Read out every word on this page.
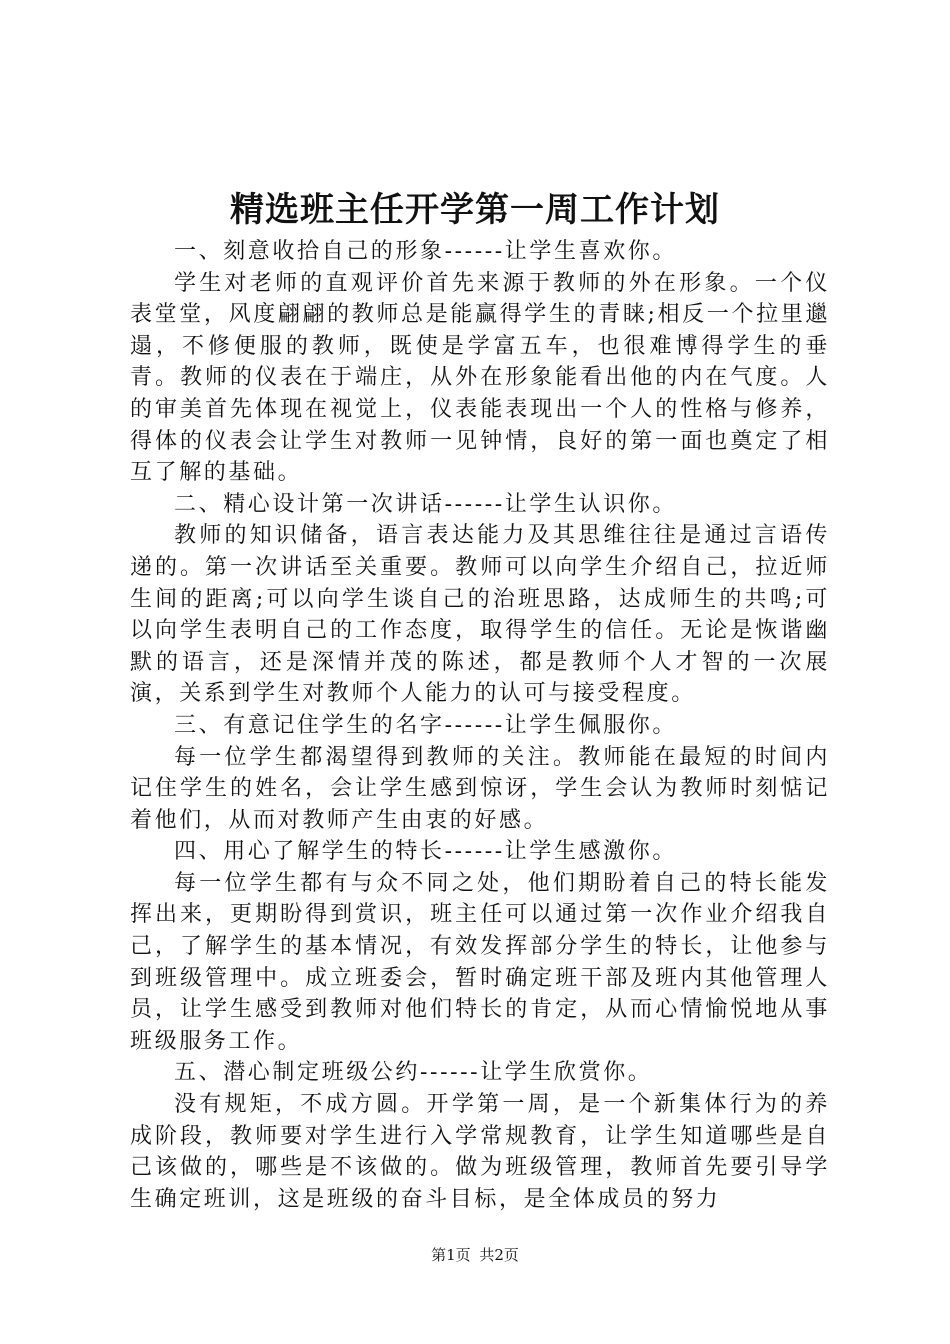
精选班主任开学第一周工作计划

一、刻意收拾自己的形象------让学生喜欢你。

学生对老师的直观评价首先来源于教师的外在形象。一个仪表堂堂，风度翩翩的教师总是能赢得学生的青睐;相反一个拉里邋遢，不修便服的教师，既使是学富五车，也很难博得学生的垂青。教师的仪表在于端庄，从外在形象能看出他的内在气度。人的审美首先体现在视觉上，仪表能表现出一个人的性格与修养，得体的仪表会让学生对教师一见钟情，良好的第一面也奠定了相互了解的基础。

二、精心设计第一次讲话------让学生认识你。

教师的知识储备，语言表达能力及其思维往往是通过言语传递的。第一次讲话至关重要。教师可以向学生介绍自己，拉近师生间的距离;可以向学生谈自己的治班思路，达成师生的共鸣;可以向学生表明自己的工作态度，取得学生的信任。无论是恢谐幽默的语言，还是深情并茂的陈述，都是教师个人才智的一次展演，关系到学生对教师个人能力的认可与接受程度。

三、有意记住学生的名字------让学生佩服你。

每一位学生都渴望得到教师的关注。教师能在最短的时间内记住学生的姓名，会让学生感到惊讶，学生会认为教师时刻惦记着他们，从而对教师产生由衷的好感。

四、用心了解学生的特长------让学生感激你。

每一位学生都有与众不同之处，他们期盼着自己的特长能发挥出来，更期盼得到赏识，班主任可以通过第一次作业介绍我自己，了解学生的基本情况，有效发挥部分学生的特长，让他参与到班级管理中。成立班委会，暂时确定班干部及班内其他管理人员，让学生感受到教师对他们特长的肯定，从而心情愉悦地从事班级服务工作。

五、潜心制定班级公约------让学生欣赏你。

没有规矩，不成方圆。开学第一周，是一个新集体行为的养成阶段，教师要对学生进行入学常规教育，让学生知道哪些是自己该做的，哪些是不该做的。做为班级管理，教师首先要引导学生确定班训，这是班级的奋斗目标，是全体成员的努力

第1页 共2页
